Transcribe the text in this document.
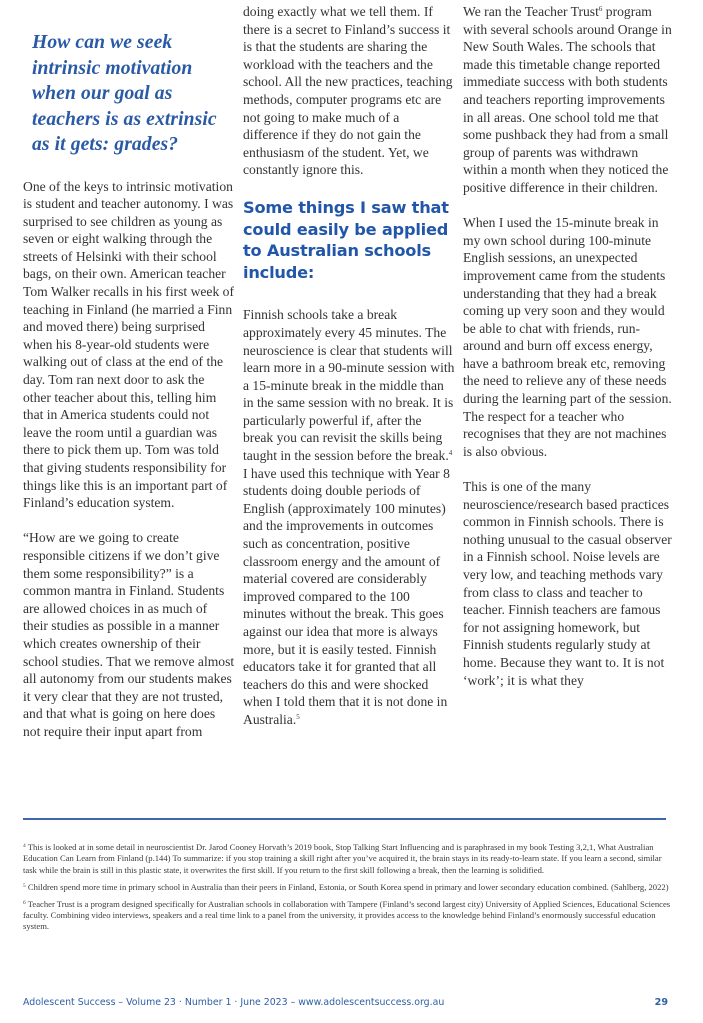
How can we seek intrinsic motivation when our goal as teachers is as extrinsic as it gets: grades?

One of the keys to intrinsic motivation is student and teacher autonomy. I was surprised to see children as young as seven or eight walking through the streets of Helsinki with their school bags, on their own. American teacher Tom Walker recalls in his first week of teaching in Finland (he married a Finn and moved there) being surprised when his 8-year-old students were walking out of class at the end of the day. Tom ran next door to ask the other teacher about this, telling him that in America students could not leave the room until a guardian was there to pick them up. Tom was told that giving students responsibility for things like this is an important part of Finland’s education system.

“How are we going to create responsible citizens if we don’t give them some responsibility?” is a common mantra in Finland. Students are allowed choices in as much of their studies as possible in a manner which creates ownership of their school studies. That we remove almost all autonomy from our students makes it very clear that they are not trusted, and that what is going on here does not require their input apart from

doing exactly what we tell them. If there is a secret to Finland’s success it is that the students are sharing the workload with the teachers and the school. All the new practices, teaching methods, computer programs etc are not going to make much of a difference if they do not gain the enthusiasm of the student. Yet, we constantly ignore this.

Some things I saw that could easily be applied to Australian schools include:

Finnish schools take a break approximately every 45 minutes. The neuroscience is clear that students will learn more in a 90-minute session with a 15-minute break in the middle than in the same session with no break. It is particularly powerful if, after the break you can revisit the skills being taught in the session before the break.$^4$ I have used this technique with Year 8 students doing double periods of English (approximately 100 minutes) and the improvements in outcomes such as concentration, positive classroom energy and the amount of material covered are considerably improved compared to the 100 minutes without the break. This goes against our idea that more is always more, but it is easily tested. Finnish educators take it for granted that all teachers do this and were shocked when I told them that it is not done in Australia.$^5$

We ran the Teacher Trust$^6$ program with several schools around Orange in New South Wales. The schools that made this timetable change reported immediate success with both students and teachers reporting improvements in all areas. One school told me that some pushback they had from a small group of parents was withdrawn within a month when they noticed the positive difference in their children.

When I used the 15-minute break in my own school during 100-minute English sessions, an unexpected improvement came from the students understanding that they had a break coming up very soon and they would be able to chat with friends, run-around and burn off excess energy, have a bathroom break etc, removing the need to relieve any of these needs during the learning part of the session. The respect for a teacher who recognises that they are not machines is also obvious.

This is one of the many neuroscience/research based practices common in Finnish schools. There is nothing unusual to the casual observer in a Finnish school. Noise levels are very low, and teaching methods vary from class to class and teacher to teacher. Finnish teachers are famous for not assigning homework, but Finnish students regularly study at home. Because they want to. It is not ‘work’; it is what they

$^4$ This is looked at in some detail in neuroscientist Dr. Jarod Cooney Horvath’s 2019 book, Stop Talking Start Influencing and is paraphrased in my book Testing 3,2,1, What Australian Education Can Learn from Finland (p.144) To summarize: if you stop training a skill right after you’ve acquired it, the brain stays in its ready-to-learn state. If you learn a second, similar task while the brain is still in this plastic state, it overwrites the first skill. If you return to the first skill following a break, then the learning is solidified.

$^5$ Children spend more time in primary school in Australia than their peers in Finland, Estonia, or South Korea spend in primary and lower secondary education combined. (Sahlberg, 2022)

$^6$ Teacher Trust is a program designed specifically for Australian schools in collaboration with Tampere (Finland’s second largest city) University of Applied Sciences, Educational Sciences faculty. Combining video interviews, speakers and a real time link to a panel from the university, it provides access to the knowledge behind Finland’s enormously successful education system.

Adolescent Success – Volume 23 · Number 1 · June 2023 – www.adolescentsuccess.org.au	29
